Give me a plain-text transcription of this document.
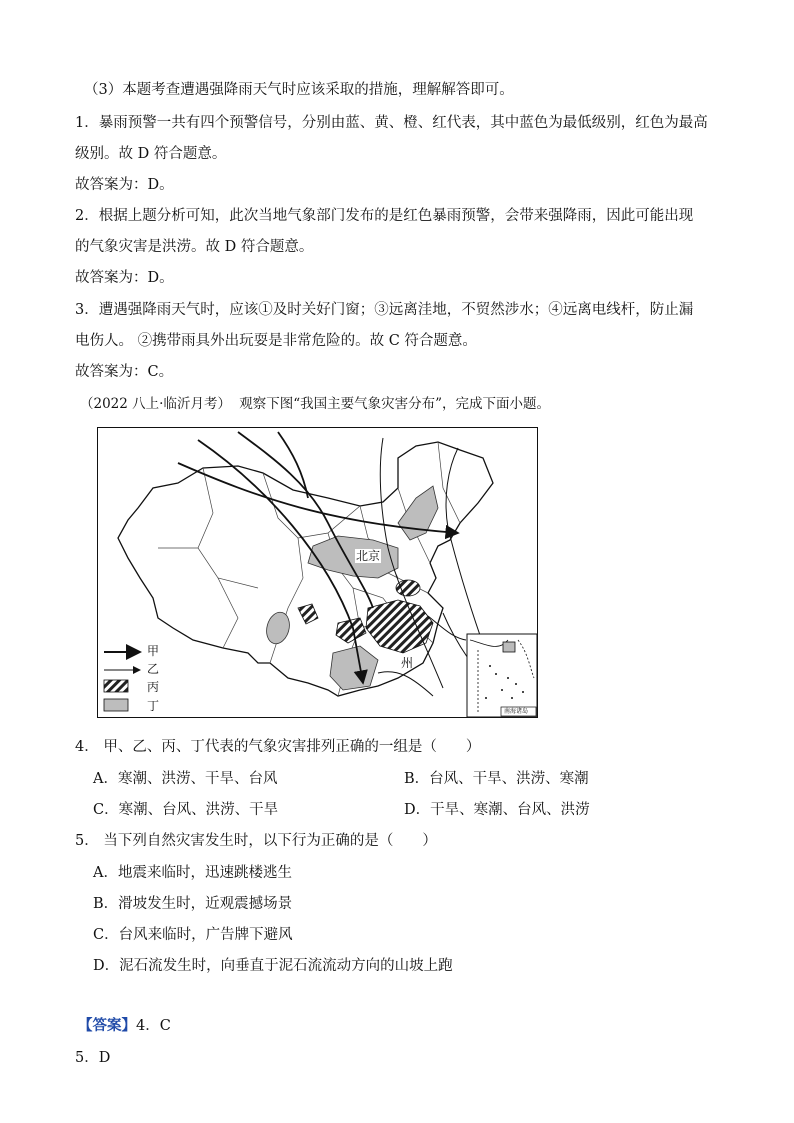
（3）本题考查遭遇强降雨天气时应该采取的措施，理解解答即可。
1．暴雨预警一共有四个预警信号，分别由蓝、黄、橙、红代表，其中蓝色为最低级别，红色为最高
级别。故 D 符合题意。
故答案为：D。
2．根据上题分析可知，此次当地气象部门发布的是红色暴雨预警，会带来强降雨，因此可能出现
的气象灾害是洪涝。故 D 符合题意。
故答案为：D。
3．遭遇强降雨天气时，应该①及时关好门窗；③远离洼地，不贸然涉水；④远离电线杆，防止漏
电伤人。 ②携带雨具外出玩耍是非常危险的。故 C 符合题意。
故答案为：C。
（2022 八上·临沂月考） 观察下图“我国主要气象灾害分布”，完成下面小题。
甲
乙
丙
丁
北京
州
南海诸岛
4． 甲、乙、丙、丁代表的气象灾害排列正确的一组是（　　）
A．寒潮、洪涝、干旱、台风	B．台风、干旱、洪涝、寒潮
C．寒潮、台风、洪涝、干旱	D．干旱、寒潮、台风、洪涝
5． 当下列自然灾害发生时，以下行为正确的是（　　）
A．地震来临时，迅速跳楼逃生
B．滑坡发生时，近观震撼场景
C．台风来临时，广告牌下避风
D．泥石流发生时，向垂直于泥石流流动方向的山坡上跑
【答案】4．C
5．D
